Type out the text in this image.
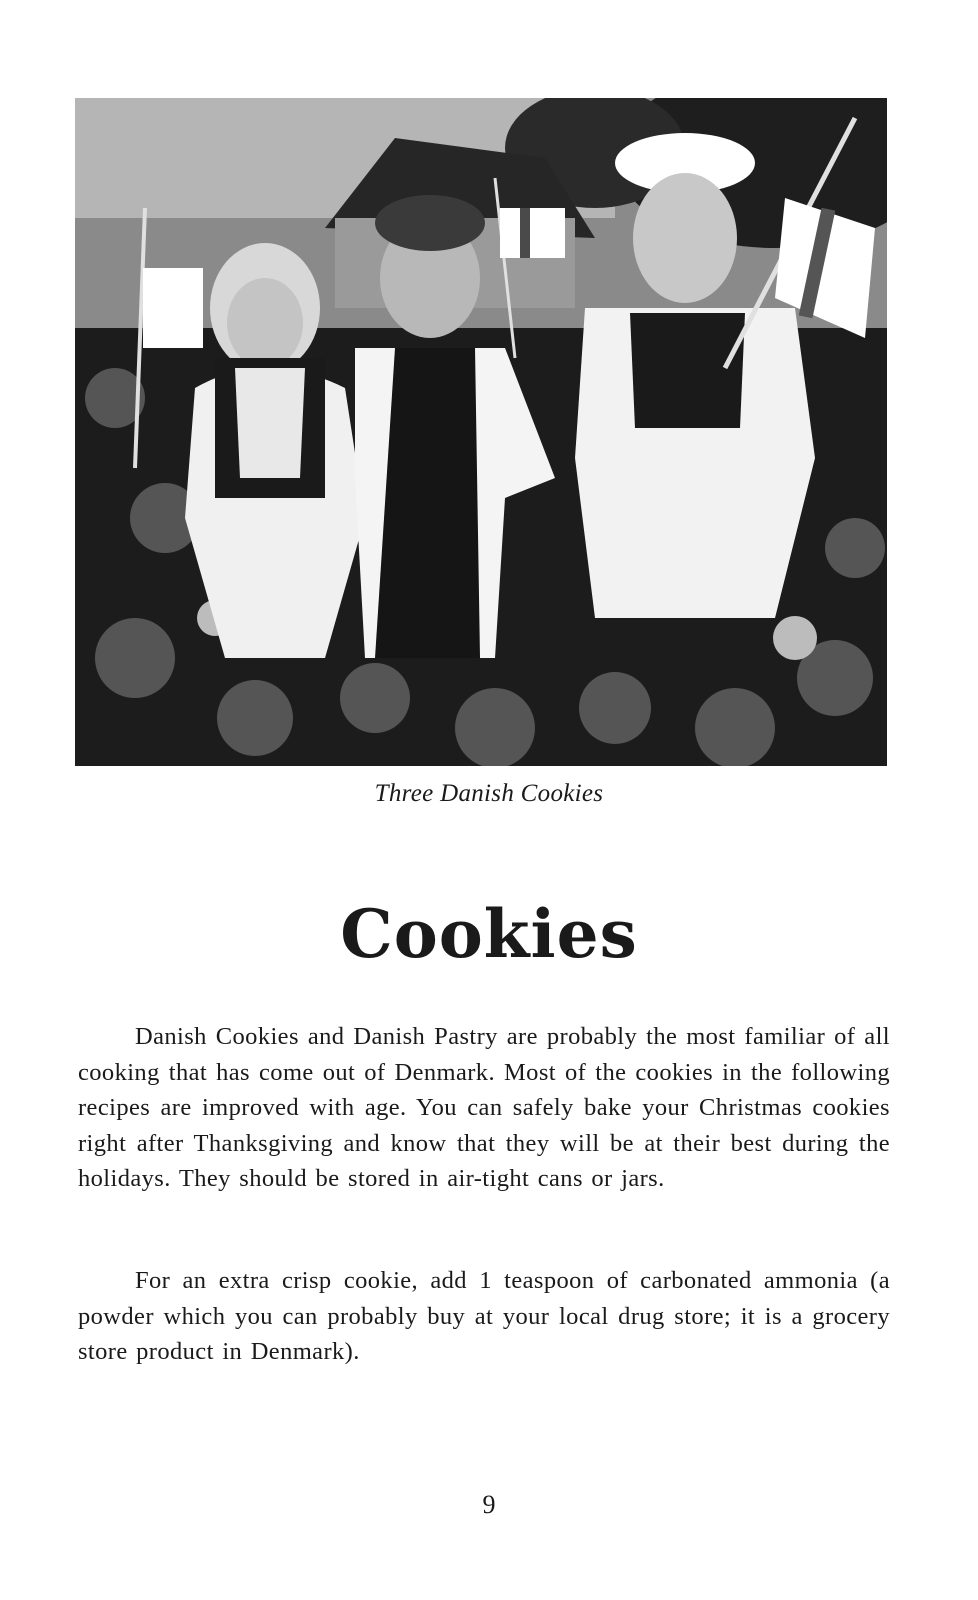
Three Danish Cookies
Cookies

Danish Cookies and Danish Pastry are probably the most familiar of all cooking that has come out of Denmark. Most of the cookies in the following recipes are improved with age. You can safely bake your Christmas cookies right after Thanksgiving and know that they will be at their best during the holidays. They should be stored in air-tight cans or jars.

For an extra crisp cookie, add 1 teaspoon of carbonated ammonia (a powder which you can probably buy at your local drug store; it is a grocery store product in Denmark).

9
